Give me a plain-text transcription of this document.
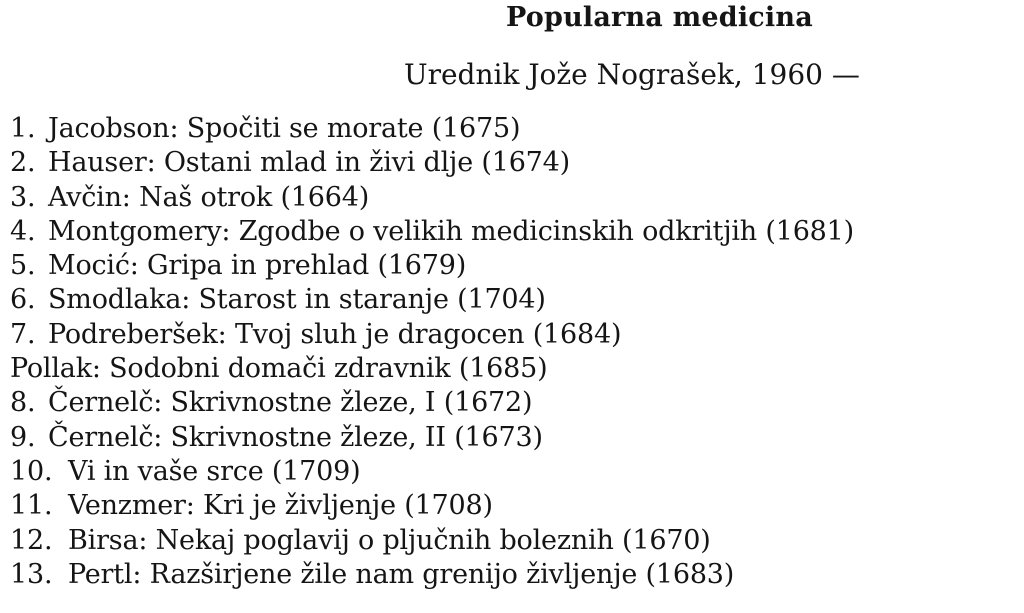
Popularna medicina
Urednik Jože Nograšek, 1960 —
1. Jacobson: Spočiti se morate (1675)
2. Hauser: Ostani mlad in živi dlje (1674)
3. Avčin: Naš otrok (1664)
4. Montgomery: Zgodbe o velikih medicinskih odkritjih (1681)
5. Mocić: Gripa in prehlad (1679)
6. Smodlaka: Starost in staranje (1704)
7. Podreberšek: Tvoj sluh je dragocen (1684)
Pollak: Sodobni domači zdravnik (1685)
8. Černelč: Skrivnostne žleze, I (1672)
9. Černelč: Skrivnostne žleze, II (1673)
10. Vi in vaše srce (1709)
11. Venzmer: Kri je življenje (1708)
12. Birsa: Nekaj poglavij o pljučnih boleznih (1670)
13. Pertl: Razširjene žile nam grenijo življenje (1683)
